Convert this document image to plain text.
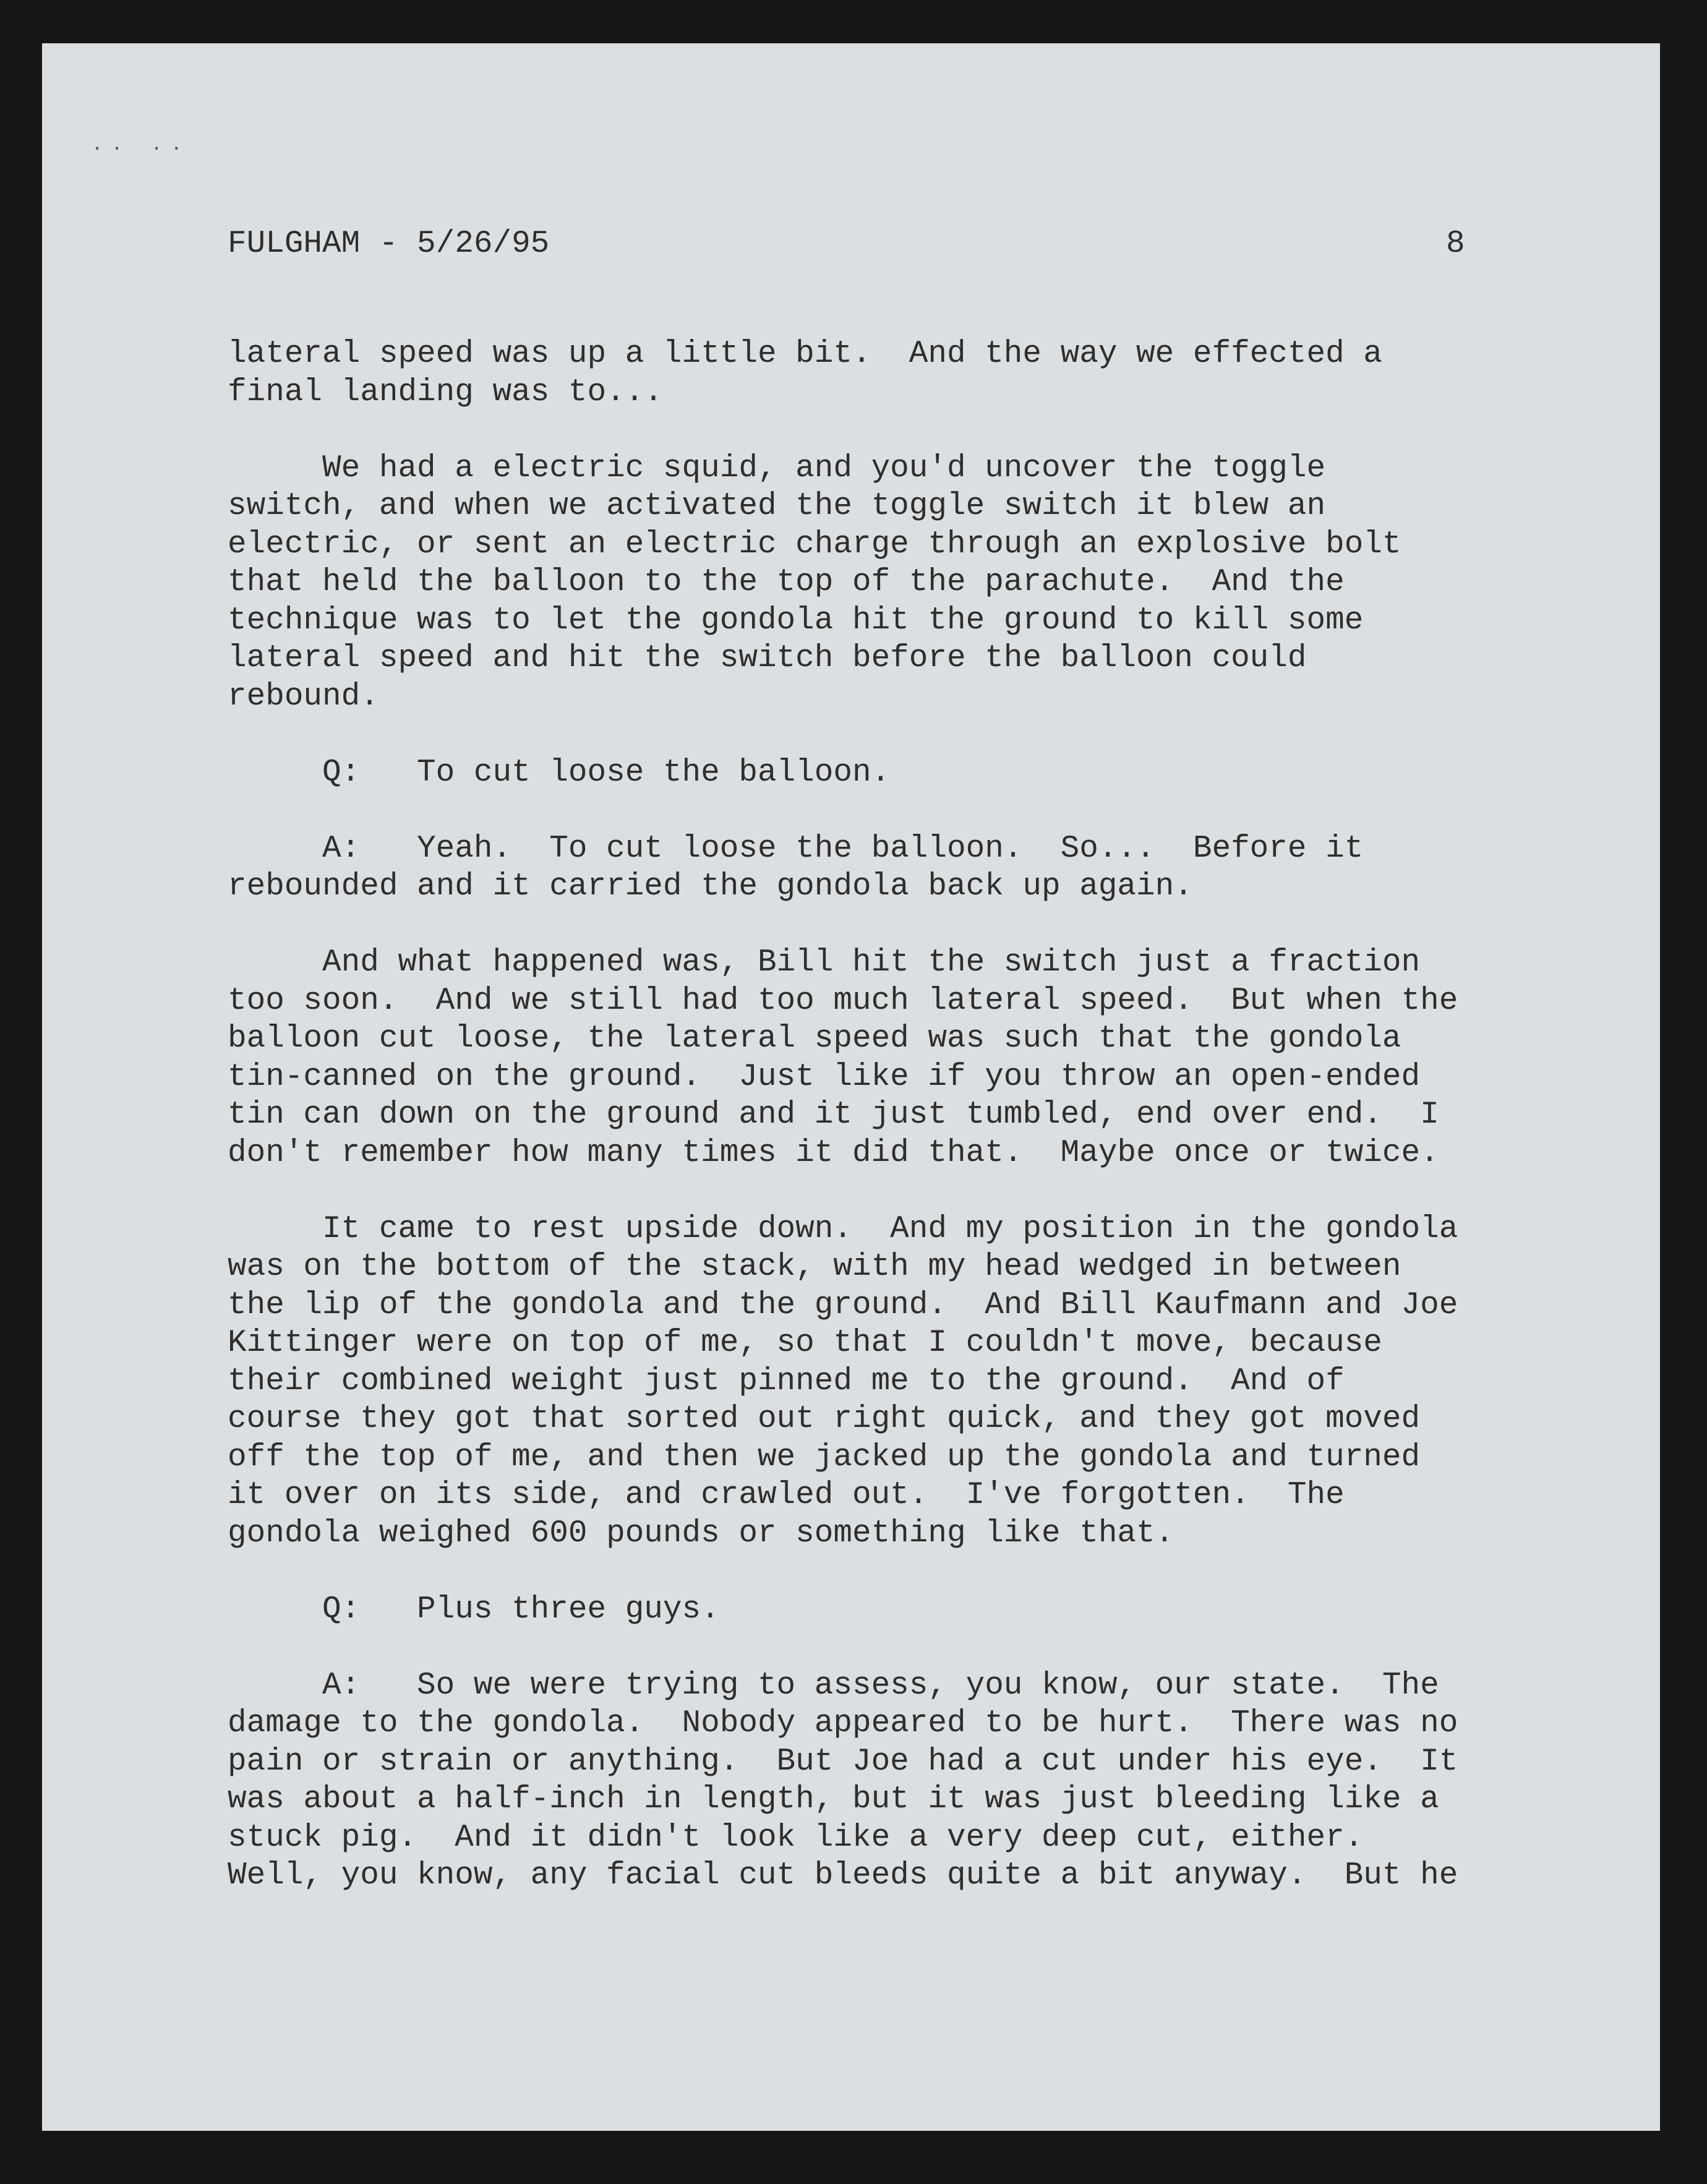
.. ..
FULGHAM - 5/26/95	8
lateral speed was up a little bit.  And the way we effected a
final landing was to...
We had a electric squid, and you'd uncover the toggle
switch, and when we activated the toggle switch it blew an
electric, or sent an electric charge through an explosive bolt
that held the balloon to the top of the parachute.  And the
technique was to let the gondola hit the ground to kill some
lateral speed and hit the switch before the balloon could
rebound.
Q:   To cut loose the balloon.
A:   Yeah.  To cut loose the balloon.  So...  Before it
rebounded and it carried the gondola back up again.
And what happened was, Bill hit the switch just a fraction
too soon.  And we still had too much lateral speed.  But when the
balloon cut loose, the lateral speed was such that the gondola
tin-canned on the ground.  Just like if you throw an open-ended
tin can down on the ground and it just tumbled, end over end.  I
don't remember how many times it did that.  Maybe once or twice.
It came to rest upside down.  And my position in the gondola
was on the bottom of the stack, with my head wedged in between
the lip of the gondola and the ground.  And Bill Kaufmann and Joe
Kittinger were on top of me, so that I couldn't move, because
their combined weight just pinned me to the ground.  And of
course they got that sorted out right quick, and they got moved
off the top of me, and then we jacked up the gondola and turned
it over on its side, and crawled out.  I've forgotten.  The
gondola weighed 600 pounds or something like that.
Q:   Plus three guys.
A:   So we were trying to assess, you know, our state.  The
damage to the gondola.  Nobody appeared to be hurt.  There was no
pain or strain or anything.  But Joe had a cut under his eye.  It
was about a half-inch in length, but it was just bleeding like a
stuck pig.  And it didn't look like a very deep cut, either.
Well, you know, any facial cut bleeds quite a bit anyway.  But he
